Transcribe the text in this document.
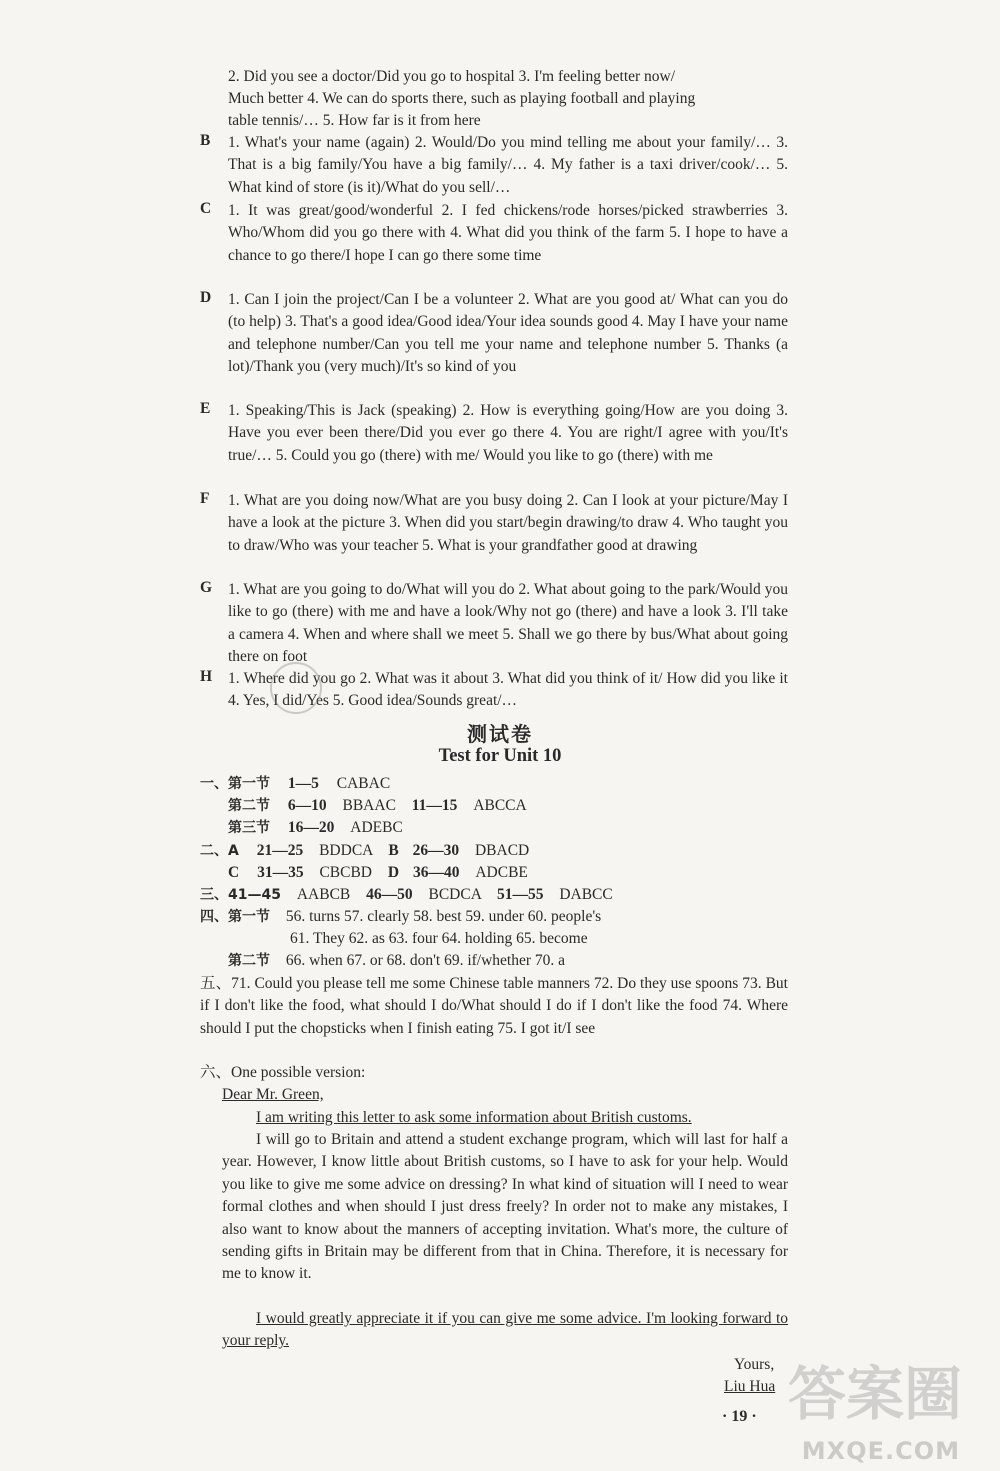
2. Did you see a doctor/Did you go to hospital 3. I'm feeling better now/
Much better 4. We can do sports there, such as playing football and playing
table tennis/… 5. How far is it from here
B	1. What's your name (again) 2. Would/Do you mind telling me about your family/… 3. That is a big family/You have a big family/… 4. My father is a taxi driver/cook/… 5. What kind of store (is it)/What do you sell/…
C	1. It was great/good/wonderful 2. I fed chickens/rode horses/picked strawberries 3. Who/Whom did you go there with 4. What did you think of the farm 5. I hope to have a chance to go there/I hope I can go there some time
D	1. Can I join the project/Can I be a volunteer 2. What are you good at/ What can you do (to help) 3. That's a good idea/Good idea/Your idea sounds good 4. May I have your name and telephone number/Can you tell me your name and telephone number 5. Thanks (a lot)/Thank you (very much)/It's so kind of you
E	1. Speaking/This is Jack (speaking) 2. How is everything going/How are you doing 3. Have you ever been there/Did you ever go there 4. You are right/I agree with you/It's true/… 5. Could you go (there) with me/ Would you like to go (there) with me
F	1. What are you doing now/What are you busy doing 2. Can I look at your picture/May I have a look at the picture 3. When did you start/begin drawing/to draw 4. Who taught you to draw/Who was your teacher 5. What is your grandfather good at drawing
G	1. What are you going to do/What will you do 2. What about going to the park/Would you like to go (there) with me and have a look/Why not go (there) and have a look 3. I'll take a camera 4. When and where shall we meet 5. Shall we go there by bus/What about going there on foot
H	1. Where did you go 2. What was it about 3. What did you think of it/ How did you like it 4. Yes, I did/Yes 5. Good idea/Sounds great/…
测试卷
Test for Unit 10
一、第一节 1—5 CABAC
第二节 6—10 BBAAC 11—15 ABCCA
第三节 16—20 ADEBC
二、A 21—25 BDDCA B 26—30 DBACD
C 31—35 CBCBD D 36—40 ADCBE
三、41—45 AABCB 46—50 BCDCA 51—55 DABCC
四、第一节 56. turns 57. clearly 58. best 59. under 60. people's
61. They 62. as 63. four 64. holding 65. become
第二节 66. when 67. or 68. don't 69. if/whether 70. a
五、71. Could you please tell me some Chinese table manners 72. Do they use spoons 73. But if I don't like the food, what should I do/What should I do if I don't like the food 74. Where should I put the chopsticks when I finish eating 75. I got it/I see
六、One possible version:
Dear Mr. Green,
I am writing this letter to ask some information about British customs.
I will go to Britain and attend a student exchange program, which will last for half a year. However, I know little about British customs, so I have to ask for your help. Would you like to give me some advice on dressing? In what kind of situation will I need to wear formal clothes and when should I just dress freely? In order not to make any mistakes, I also want to know about the manners of accepting invitation. What's more, the culture of sending gifts in Britain may be different from that in China. Therefore, it is necessary for me to know it.
I would greatly appreciate it if you can give me some advice. I'm looking forward to your reply.
Yours,
Liu Hua
· 19 · 答案圈
MXQE.COM
